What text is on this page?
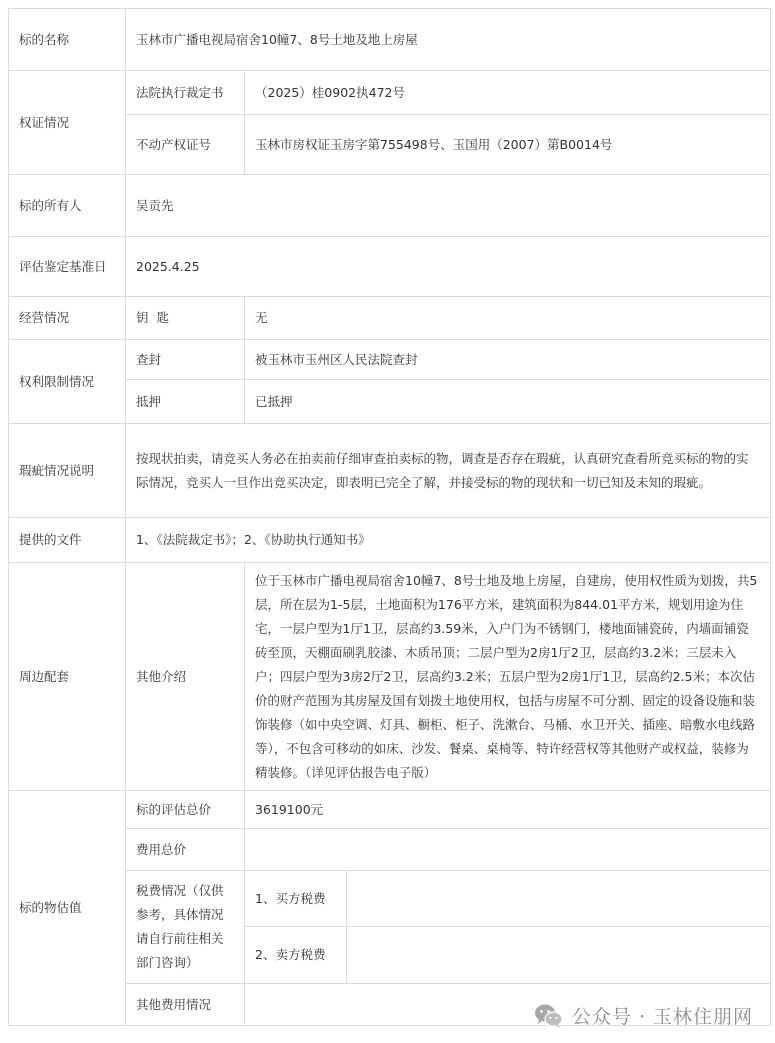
标的名称	玉林市广播电视局宿舍10幢7、8号土地及地上房屋		
权证情况	法院执行裁定书	（2025）桂0902执472号	
	不动产权证号	玉林市房权证玉房字第755498号、玉国用（2007）第B0014号	
标的所有人	吴贡先		
评估鉴定基准日	2025.4.25		
经营情况	钥  匙	无	
权利限制情况	查封	被玉林市玉州区人民法院查封	
	抵押	已抵押	
瑕疵情况说明	按现状拍卖，请竞买人务必在拍卖前仔细审查拍卖标的物，调查是否存在瑕疵，认真研究查看所竞买标的物的实际情况，竞买人一旦作出竞买决定，即表明已完全了解，并接受标的物的现状和一切已知及未知的瑕疵。		
提供的文件	1、《法院裁定书》；2、《协助执行通知书》		
周边配套	其他介绍	位于玉林市广播电视局宿舍10幢7、8号土地及地上房屋，自建房，使用权性质为划拨，共5层，所在层为1-5层，土地面积为176平方米，建筑面积为844.01平方米，规划用途为住宅，一层户型为1厅1卫，层高约3.59米，入户门为不锈钢门，楼地面铺瓷砖，内墙面铺瓷砖至顶，天棚面刷乳胶漆、木质吊顶；二层户型为2房1厅2卫，层高约3.2米；三层未入户；四层户型为3房2厅2卫，层高约3.2米；五层户型为2房1厅1卫，层高约2.5米；本次估价的财产范围为其房屋及国有划拨土地使用权，包括与房屋不可分割、固定的设备设施和装饰装修（如中央空调、灯具、橱柜、柜子、洗漱台、马桶、水卫开关、插座、暗敷水电线路等），不包含可移动的如床、沙发、餐桌、桌椅等、特许经营权等其他财产或权益，装修为精装修。（详见评估报告电子版）	
标的物估值	标的评估总价	3619100元	
	费用总价		
	税费情况（仅供参考，具体情况请自行前往相关部门咨询）	1、买方税费	
		2、卖方税费	
	其他费用情况		
公众号 · 玉林住朋网
